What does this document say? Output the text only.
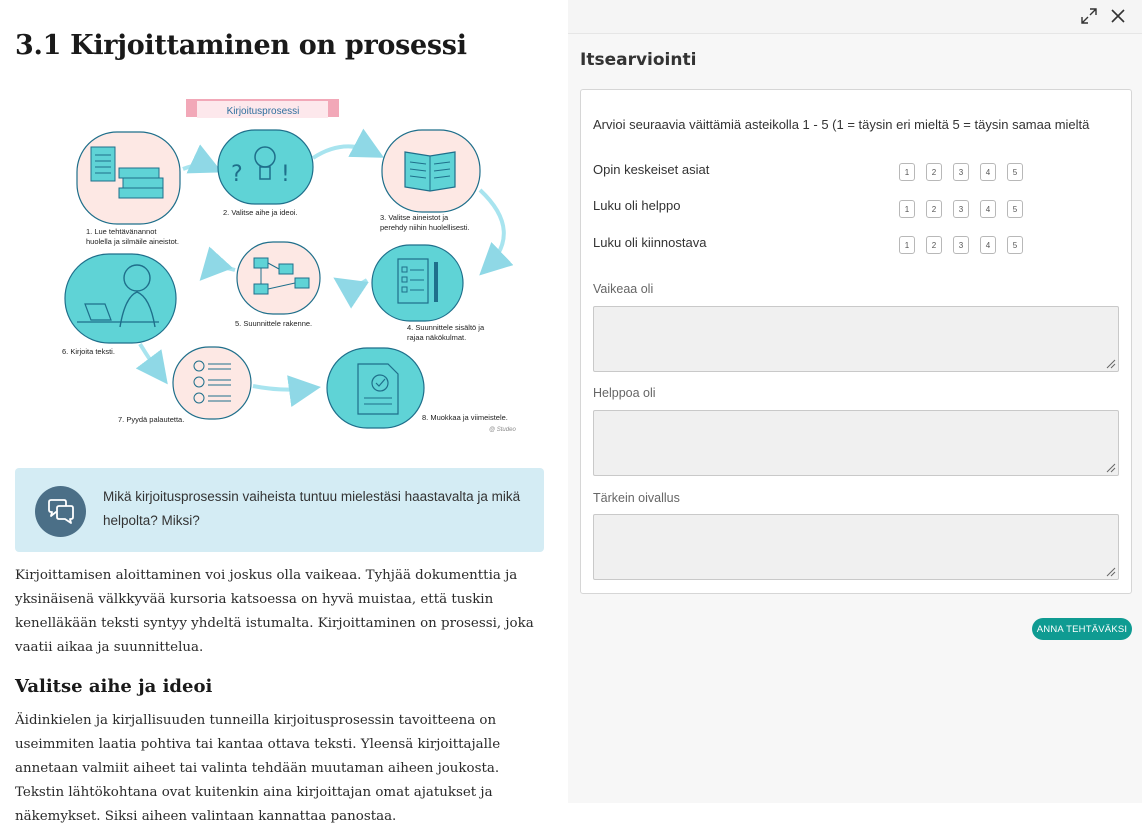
3.1 Kirjoittaminen on prosessi
Kirjoitusprosessi
1. Lue tehtävänannot
huolella ja silmäile aineistot.
? !
2. Valitse aihe ja ideoi.
3. Valitse aineistot ja
perehdy niihin huolellisesti.
5. Suunnittele rakenne.	4. Suunnittele sisältö ja
rajaa näkökulmat.
6. Kirjoita teksti.
7. Pyydä palautetta.	8. Muokkaa ja viimeistele.
@ Studeo
Mikä kirjoitusprosessin vaiheista tuntuu mielestäsi haastavalta ja mikä helpolta? Miksi?

Kirjoittamisen aloittaminen voi joskus olla vaikeaa. Tyhjää dokumenttia ja yksinäisenä välkkyvää kursoria katsoessa on hyvä muistaa, että tuskin kenelläkään teksti syntyy yhdeltä istumalta. Kirjoittaminen on prosessi, joka vaatii aikaa ja suunnittelua.

Valitse aihe ja ideoi

Äidinkielen ja kirjallisuuden tunneilla kirjoitusprosessin tavoitteena on useimmiten laatia pohtiva tai kantaa ottava teksti. Yleensä kirjoittajalle annetaan valmiit aiheet tai valinta tehdään muutaman aiheen joukosta. Tekstin lähtökohtana ovat kuitenkin aina kirjoittajan omat ajatukset ja näkemykset. Siksi aiheen valintaan kannattaa panostaa.

Itsearviointi
Arvioi seuraavia väittämiä asteikolla 1 - 5 (1 = täysin eri mieltä 5 = täysin samaa mieltä
Opin keskeiset asiat	1	2	3	4	5
Luku oli helppo	1	2	3	4	5
Luku oli kiinnostava	1	2	3	4	5
Vaikeaa oli
Helppoa oli
Tärkein oivallus
ANNA TEHTÄVÄKSI
